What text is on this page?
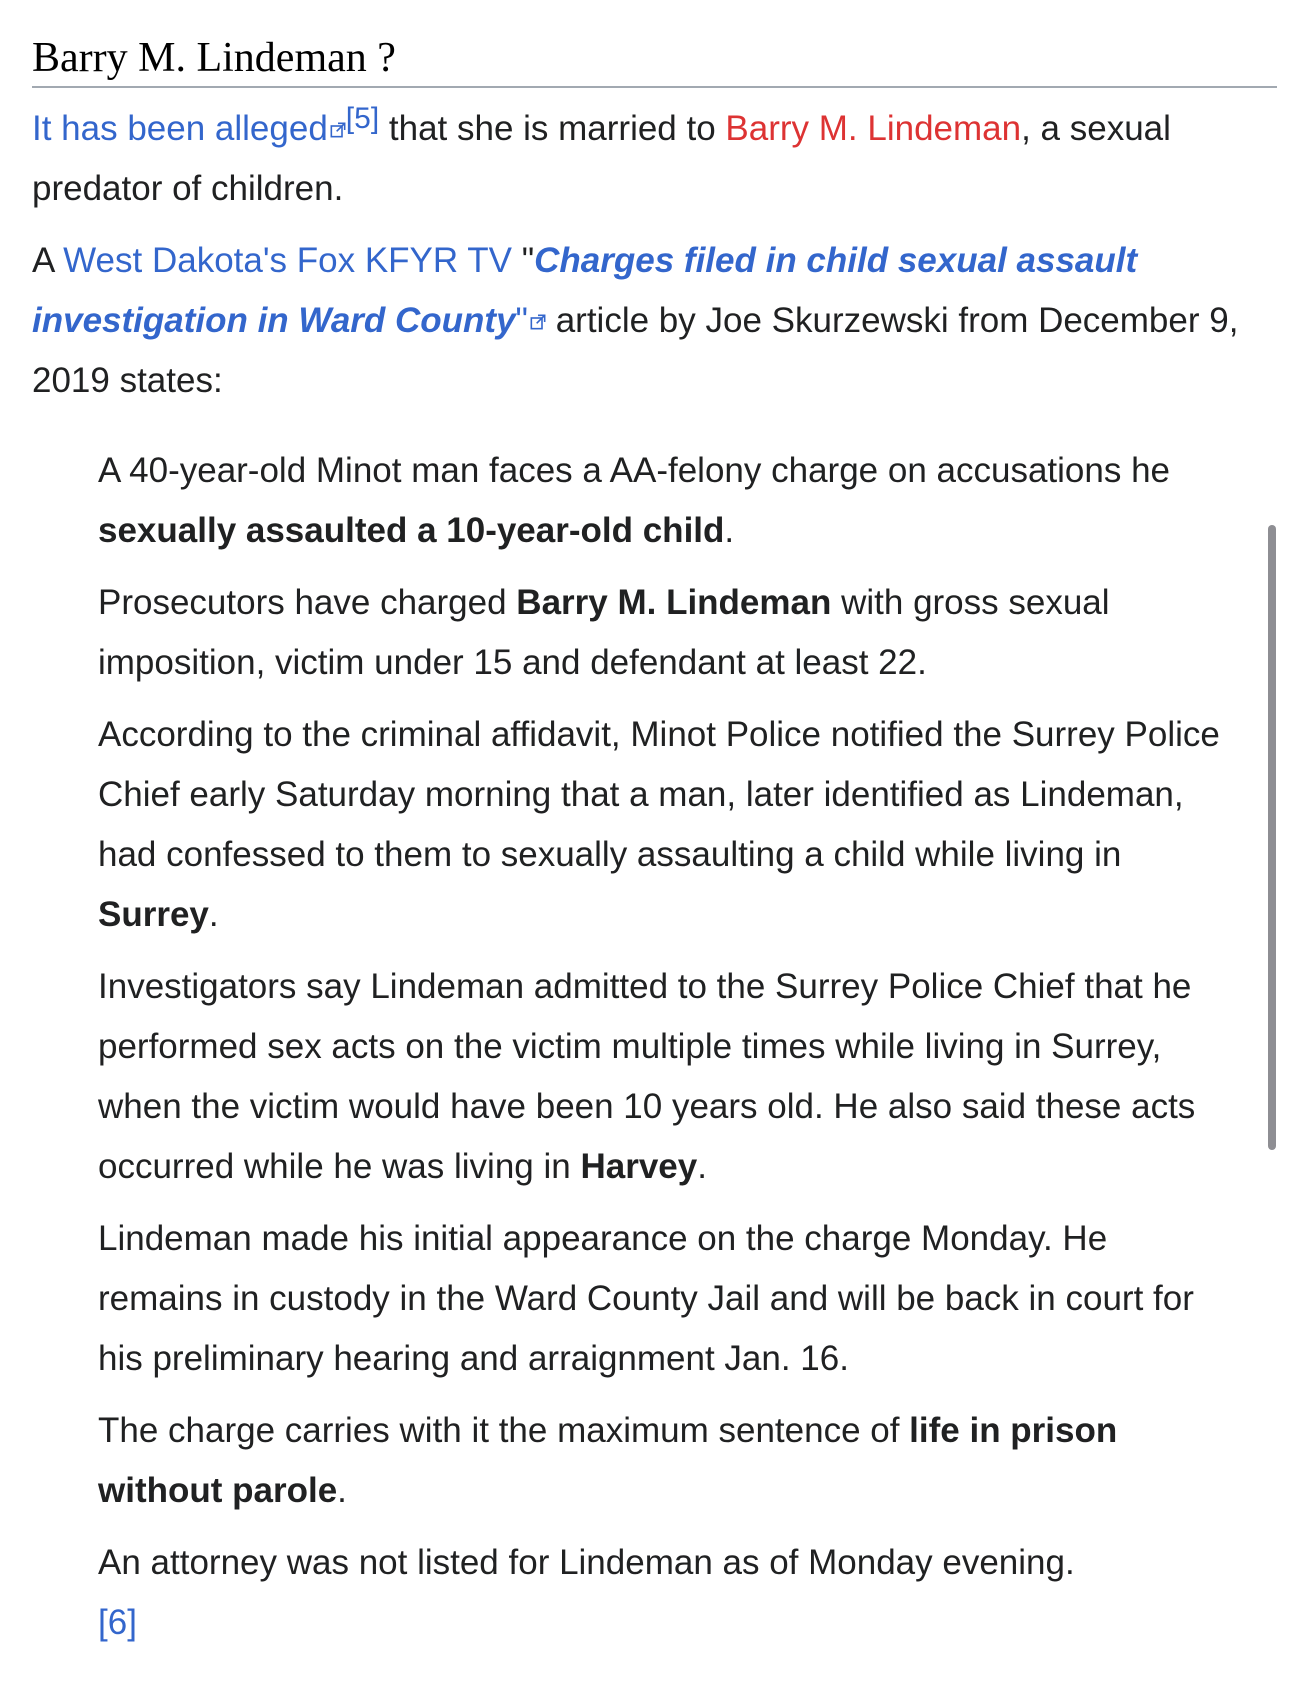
Barry M. Lindeman ?

It has been alleged [5] that she is married to Barry M. Lindeman, a sexual predator of children.

A West Dakota's Fox KFYR TV "Charges filed in child sexual assault investigation in Ward County" article by Joe Skurzewski from December 9, 2019 states:

A 40-year-old Minot man faces a AA-felony charge on accusations he sexually assaulted a 10-year-old child.

Prosecutors have charged Barry M. Lindeman with gross sexual imposition, victim under 15 and defendant at least 22.

According to the criminal affidavit, Minot Police notified the Surrey Police Chief early Saturday morning that a man, later identified as Lindeman, had confessed to them to sexually assaulting a child while living in Surrey.

Investigators say Lindeman admitted to the Surrey Police Chief that he performed sex acts on the victim multiple times while living in Surrey, when the victim would have been 10 years old. He also said these acts occurred while he was living in Harvey.

Lindeman made his initial appearance on the charge Monday. He remains in custody in the Ward County Jail and will be back in court for his preliminary hearing and arraignment Jan. 16.

The charge carries with it the maximum sentence of life in prison without parole.

An attorney was not listed for Lindeman as of Monday evening.
[6]
